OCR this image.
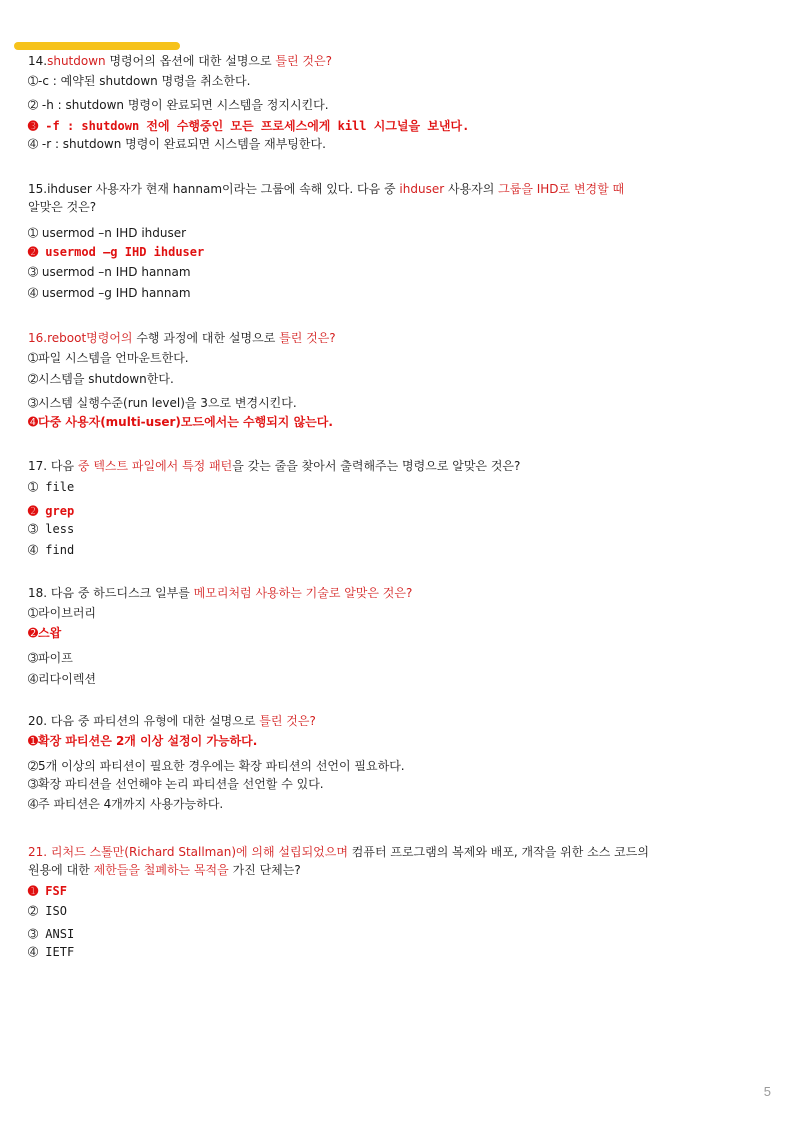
14.shutdown 명령어의 옵션에 대한 설명으로 틀린 것은?

➀-c : 예약된 shutdown 명령을 취소한다.

➁ -h : shutdown 명령이 완료되면 시스템을 정지시킨다.

➌ -f : shutdown 전에 수행중인 모든 프로세스에게 kill 시그널을 보낸다.

➃ -r : shutdown 명령이 완료되면 시스템을 재부팅한다.

15.ihduser 사용자가 현재 hannam이라는 그룹에 속해 있다. 다음 중 ihduser 사용자의 그룹을 IHD로 변경할 때

알맞은 것은?

➀ usermod –n IHD ihduser

➋ usermod –g IHD ihduser

➂ usermod –n IHD hannam

➃ usermod –g IHD hannam

16.reboot명령어의 수행 과정에 대한 설명으로 틀린 것은?

➀파일 시스템을 언마운트한다.

➁시스템을 shutdown한다.

➂시스템 실행수준(run level)을 3으로 변경시킨다.

➍다중 사용자(multi-user)모드에서는 수행되지 않는다.

17. 다음 중 텍스트 파일에서 특정 패턴을 갖는 줄을 찾아서 출력해주는 명령으로 알맞은 것은?

➀ file

➋ grep

➂ less

➃ find

18. 다음 중 하드디스크 일부를 메모리처럼 사용하는 기술로 알맞은 것은?

➀라이브러리

➋스왑

➂파이프

➃리다이렉션

20. 다음 중 파티션의 유형에 대한 설명으로 틀린 것은?

➊확장 파티션은 2개 이상 설정이 가능하다.

➁5개 이상의 파티션이 필요한 경우에는 확장 파티션의 선언이 필요하다.

➂확장 파티션을 선언해야 논리 파티션을 선언할 수 있다.

➃주 파티션은 4개까지 사용가능하다.

21. 리처드 스톨만(Richard Stallman)에 의해 설립되었으며 컴퓨터 프로그램의 복제와 배포, 개작을 위한 소스 코드의

원용에 대한 제한들을 철폐하는 목적을 가진 단체는?

➊ FSF

➁ ISO

➂ ANSI

➃ IETF

5
